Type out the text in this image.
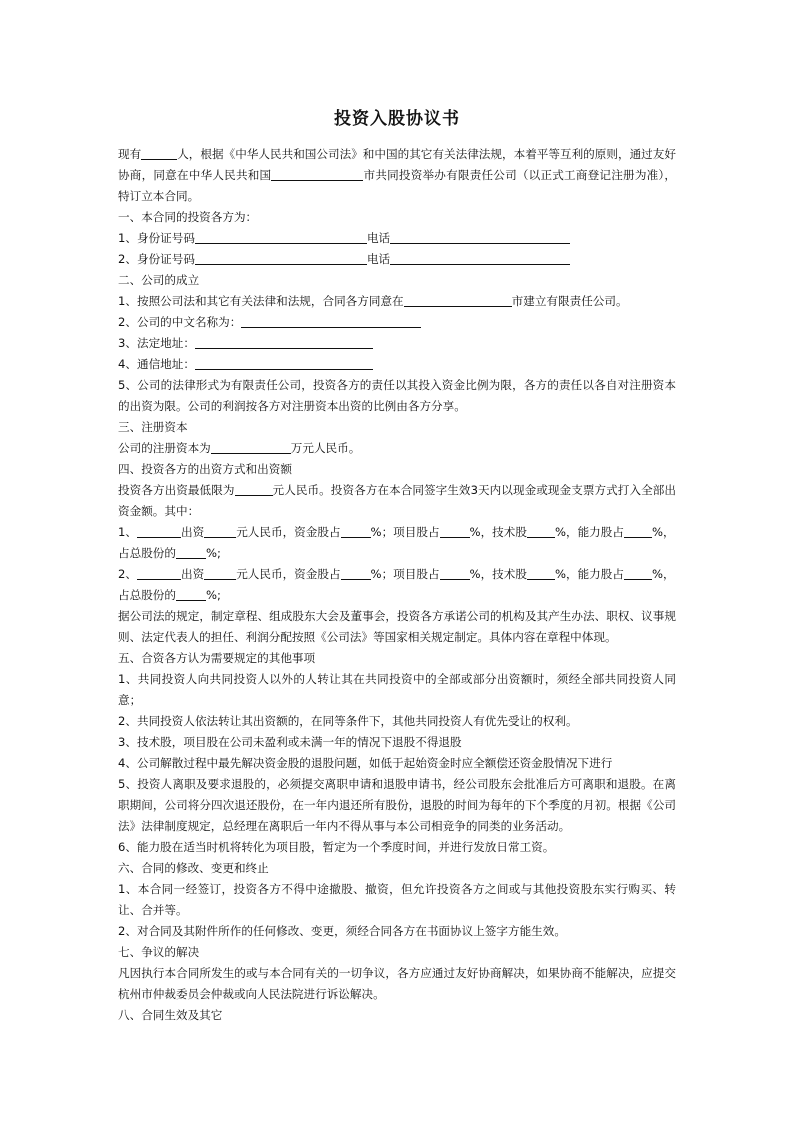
投资入股协议书

现有	人，根据《中华人民共和国公司法》和中国的其它有关法律法规，本着平等互利的原则，通过友好协商，同意在中华人民共和国	市共同投资举办有限责任公司（以正式工商登记注册为准），特订立本合同。

一、本合同的投资各方为：

1、身份证号码	电话

2、身份证号码	电话

二、公司的成立

1、按照公司法和其它有关法律和法规，合同各方同意在	市建立有限责任公司。

2、公司的中文名称为：

3、法定地址：

4、通信地址：

5、公司的法律形式为有限责任公司，投资各方的责任以其投入资金比例为限，各方的责任以各自对注册资本的出资为限。公司的利润按各方对注册资本出资的比例由各方分享。

三、注册资本

公司的注册资本为	万元人民币。

四、投资各方的出资方式和出资额

投资各方出资最低限为	元人民币。投资各方在本合同签字生效3天内以现金或现金支票方式打入全部出资金额。其中：

1、	出资	元人民币，资金股占	%；项目股占	%，技术股 %，能力股占 %，
占总股份的	%;

2、	出资	元人民币，资金股占	%；项目股占	%，技术股 %，能力股占 %，
占总股份的	%;

据公司法的规定，制定章程、组成股东大会及董事会，投资各方承诺公司的机构及其产生办法、职权、议事规则、法定代表人的担任、利润分配按照《公司法》等国家相关规定制定。具体内容在章程中体现。

五、合资各方认为需要规定的其他事项

1、共同投资人向共同投资人以外的人转让其在共同投资中的全部或部分出资额时，须经全部共同投资人同意；

2、共同投资人依法转让其出资额的，在同等条件下，其他共同投资人有优先受让的权利。

3、技术股，项目股在公司未盈利或未满一年的情况下退股不得退股

4、公司解散过程中最先解决资金股的退股问题，如低于起始资金时应全额偿还资金股情况下进行

5、投资人离职及要求退股的，必须提交离职申请和退股申请书，经公司股东会批准后方可离职和退股。在离职期间，公司将分四次退还股份，在一年内退还所有股份，退股的时间为每年的下个季度的月初。根据《公司法》法律制度规定，总经理在离职后一年内不得从事与本公司相竞争的同类的业务活动。

6、能力股在适当时机将转化为项目股，暂定为一个季度时间，并进行发放日常工资。

六、合同的修改、变更和终止

1、本合同一经签订，投资各方不得中途撤股、撤资，但允许投资各方之间或与其他投资股东实行购买、转让、合并等。

2、对合同及其附件所作的任何修改、变更，须经合同各方在书面协议上签字方能生效。

七、争议的解决

凡因执行本合同所发生的或与本合同有关的一切争议，各方应通过友好协商解决，如果协商不能解决，应提交杭州市仲裁委员会仲裁或向人民法院进行诉讼解决。

八、合同生效及其它
